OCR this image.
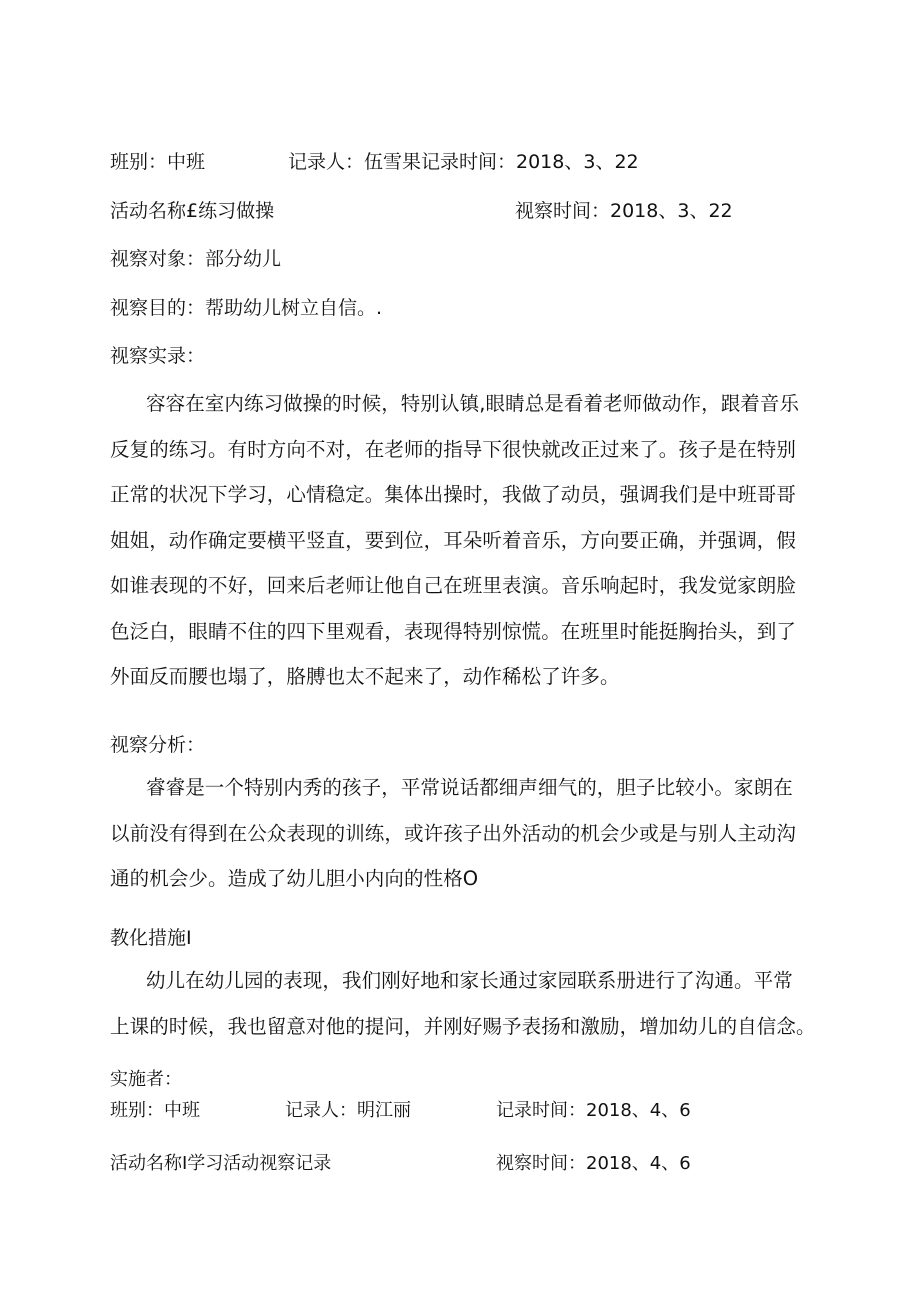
班别：中班	记录人：伍雪果记录时间：2018、3、22
活动名称£练习做操	视察时间：2018、3、22
视察对象：部分幼儿
视察目的：帮助幼儿树立自信。.
视察实录：
容容在室内练习做操的时候，特别认镇,眼睛总是看着老师做动作，跟着音乐
反复的练习。有时方向不对，在老师的指导下很快就改正过来了。孩子是在特别
正常的状况下学习，心情稳定。集体出操时，我做了动员，强调我们是中班哥哥
姐姐，动作确定要横平竖直，要到位，耳朵听着音乐，方向要正确，并强调，假
如谁表现的不好，回来后老师让他自己在班里表演。音乐响起时，我发觉家朗脸
色泛白，眼睛不住的四下里观看，表现得特别惊慌。在班里时能挺胸抬头，到了
外面反而腰也塌了，胳膊也太不起来了，动作稀松了许多。
视察分析：
睿睿是一个特别内秀的孩子，平常说话都细声细气的，胆子比较小。家朗在
以前没有得到在公众表现的训练，或许孩子出外活动的机会少或是与别人主动沟
通的机会少。造成了幼儿胆小内向的性格O
教化措施I
幼儿在幼儿园的表现，我们刚好地和家长通过家园联系册进行了沟通。平常
上课的时候，我也留意对他的提问，并刚好赐予表扬和激励，增加幼儿的自信念。
实施者：
班别：中班	记录人：明江丽	记录时间：2018、4、6
活动名称I学习活动视察记录	视察时间：2018、4、6
